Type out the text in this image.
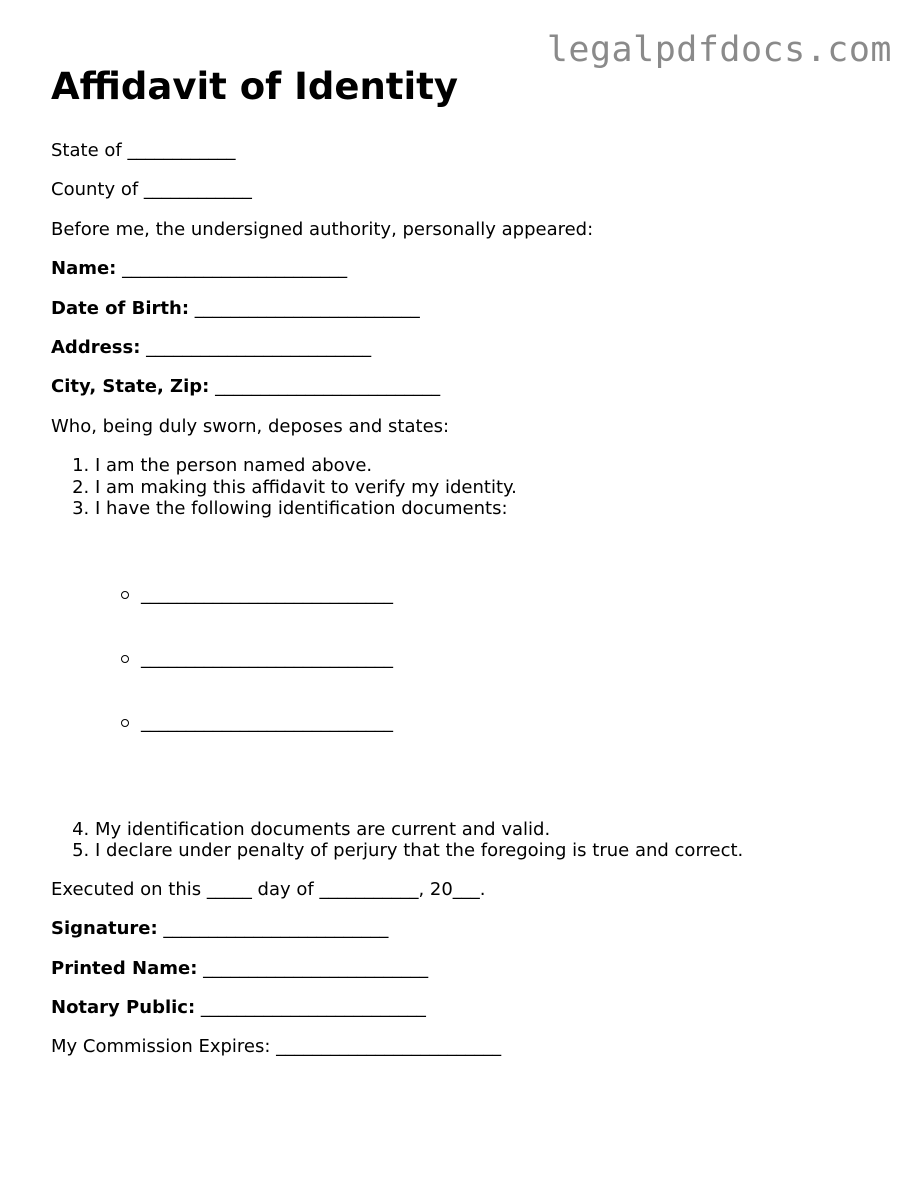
legalpdfdocs.com
Affidavit of Identity
State of ____________
County of ____________
Before me, the undersigned authority, personally appeared:
Name: _________________________
Date of Birth: _________________________
Address: _________________________
City, State, Zip: _________________________
Who, being duly sworn, deposes and states:
1. I am the person named above.
2. I am making this affidavit to verify my identity.
3. I have the following identification documents:

____________________________

____________________________

____________________________

4. My identification documents are current and valid.
5. I declare under penalty of perjury that the foregoing is true and correct.
Executed on this _____ day of ___________, 20___.
Signature: _________________________
Printed Name: _________________________
Notary Public: _________________________
My Commission Expires: _________________________
